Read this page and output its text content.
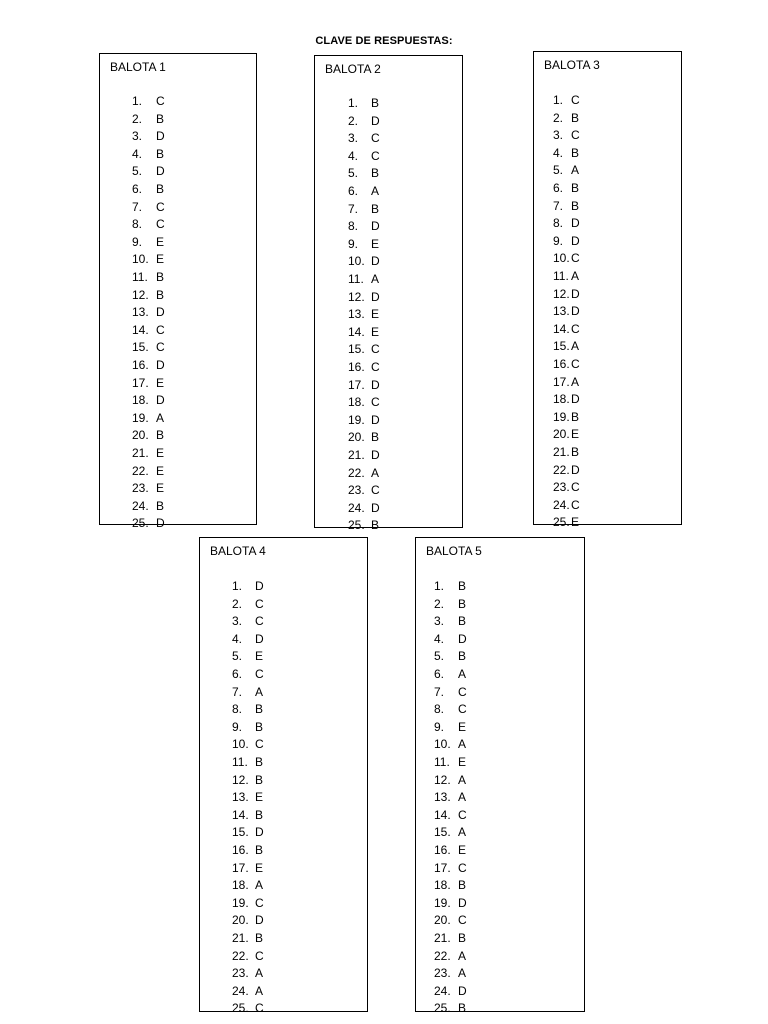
CLAVE DE RESPUESTAS:
BALOTA 1
1. C
2. B
3. D
4. B
5. D
6. B
7. C
8. C
9. E
10. E
11. B
12. B
13. D
14. C
15. C
16. D
17. E
18. D
19. A
20. B
21. E
22. E
23. E
24. B
25. D
BALOTA 2
1. B
2. D
3. C
4. C
5. B
6. A
7. B
8. D
9. E
10. D
11. A
12. D
13. E
14. E
15. C
16. C
17. D
18. C
19. D
20. B
21. D
22. A
23. C
24. D
25. B
BALOTA 3
1. C
2. B
3. C
4. B
5. A
6. B
7. B
8. D
9. D
10. C
11. A
12. D
13. D
14. C
15. A
16. C
17. A
18. D
19. B
20. E
21. B
22. D
23. C
24. C
25. E
BALOTA 4
1. D
2. C
3. C
4. D
5. E
6. C
7. A
8. B
9. B
10. C
11. B
12. B
13. E
14. B
15. D
16. B
17. E
18. A
19. C
20. D
21. B
22. C
23. A
24. A
25. C
BALOTA 5
1. B
2. B
3. B
4. D
5. B
6. A
7. C
8. C
9. E
10. A
11. E
12. A
13. A
14. C
15. A
16. E
17. C
18. B
19. D
20. C
21. B
22. A
23. A
24. D
25. B
